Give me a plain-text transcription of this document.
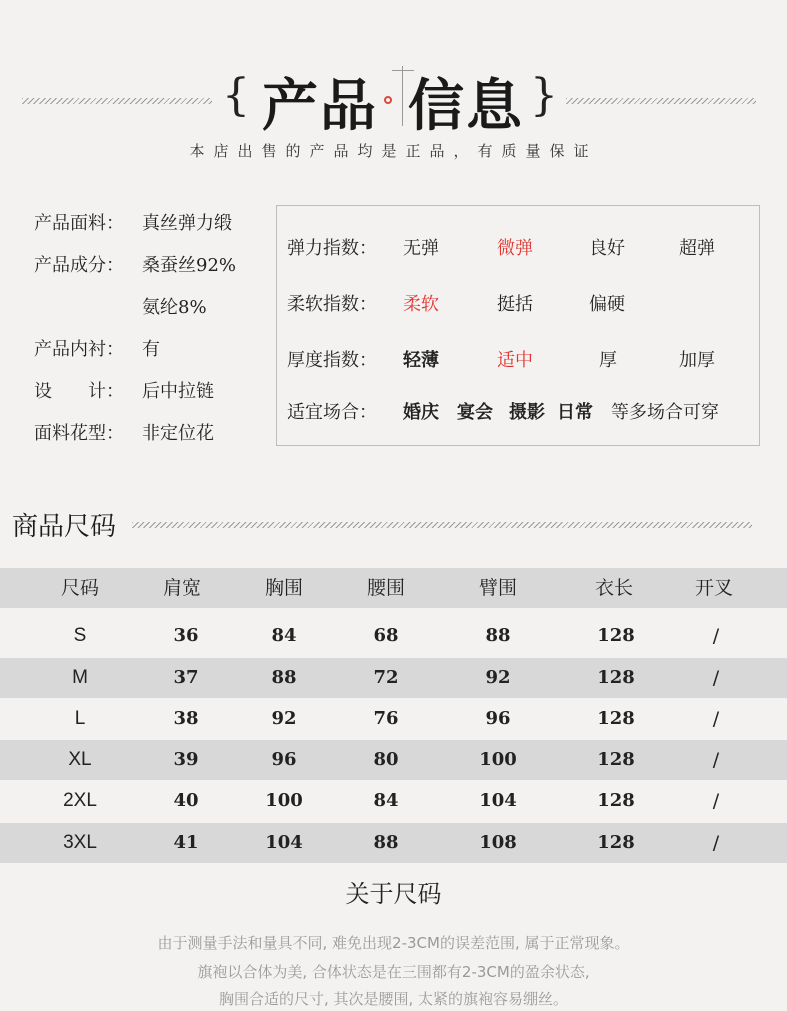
{ 产品 信息 }
本店出售的产品均是正品，有质量保证
产品面料： 真丝弹力缎
产品成分： 桑蚕丝92%
氨纶8%
产品内衬： 有
设　　计： 后中拉链
面料花型： 非定位花
弹力指数： 无弹	微弹	良好	超弹
柔软指数： 柔软	挺括	偏硬
厚度指数： 轻薄	适中	厚	加厚
适宜场合： 婚庆 宴会 摄影 日常 等多场合可穿
商品尺码
尺码	肩宽	胸围	腰围	臂围	衣长	开叉
S	36	84	68	88	128	/
M	37	88	72	92	128	/
L	38	92	76	96	128	/
XL	39	96	80	100	128	/
2XL	40	100	84	104	128	/
3XL	41	104	88	108	128	/
关于尺码
由于测量手法和量具不同, 难免出现2-3CM的误差范围, 属于正常现象。
旗袍以合体为美, 合体状态是在三围都有2-3CM的盈余状态,
胸围合适的尺寸, 其次是腰围, 太紧的旗袍容易绷丝。
